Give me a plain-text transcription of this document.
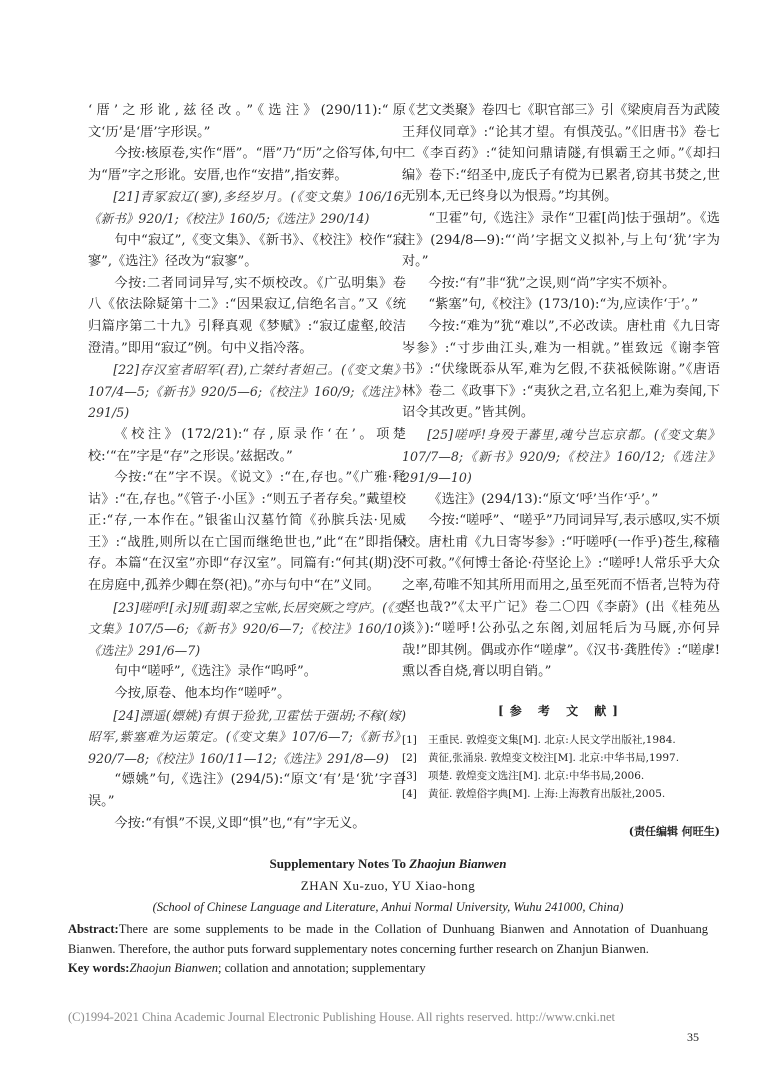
‘厝’之形讹,兹径改。”《选注》(290/11):“原文‘历’是‘厝’字形误。”

今按:核原卷,实作“厝”。“厝”乃“历”之俗写体,句中为“厝”字之形讹。安厝,也作“安措”,指安葬。

[21]青冢寂辽(寥),多经岁月。(《变文集》106/16;《新书》920/1;《校注》160/5;《选注》290/14)

句中“寂辽”,《变文集》、《新书》、《校注》校作“寂寥”,《选注》径改为“寂寥”。

今按:二者同词异写,实不烦校改。《广弘明集》卷八《依法除疑第十二》:“因果寂辽,信绝名言。”又《统归篇序第二十九》引释真观《梦赋》:“寂辽虚壑,皎洁澄清。”即用“寂辽”例。句中义指冷落。

[22]存汉室者昭军(君),亡桀纣者妲己。(《变文集》107/4—5;《新书》920/5—6;《校注》160/9;《选注》291/5)

《校注》(172/21):“存,原录作‘在’。项楚校:‘“在”字是“存”之形误。’兹据改。”

今按:“在”字不误。《说文》:“在,存也。”《广雅·释诂》:“在,存也。”《管子·小匡》:“则五子者存矣。”戴望校正:“存,一本作在。”银雀山汉墓竹简《孙膑兵法·见威王》:“战胜,则所以在亡国而继绝世也,”此“在”即指保存。本篇“在汉室”亦即“存汉室”。同篇有:“何其(期)没在房庭中,孤养少卿在祭(祀)。”亦与句中“在”义同。

[23]嗟呼![永]别[翡]翠之宝帐,长居突厥之穹庐。(《变文集》107/5—6;《新书》920/6—7;《校注》160/10;《选注》291/6—7)

句中“嗟呼”,《选注》录作“呜呼”。

今按,原卷、他本均作“嗟呼”。

[24]漂遥(嫖姚)有惧于猃犹,卫霍怯于强胡;不稼(嫁)昭军,紫塞难为运策定。(《变文集》107/6—7;《新书》920/7—8;《校注》160/11—12;《选注》291/8—9)

“嫖姚”句,《选注》(294/5):“原文‘有’是‘犹’字音误。”

今按:“有惧”不误,义即“惧”也,“有”字无义。

《艺文类聚》卷四七《职官部三》引《梁庾肩吾为武陵王拜仪同章》:“论其才望。有惧茂弘。”《旧唐书》卷七二《李百药》:“徒知问鼎请隧,有惧霸王之师。”《却扫编》卷下:“绍圣中,庞氏子有傥为已累者,窃其书焚之,世无别本,无已终身以为恨焉。”均其例。

“卫霍”句,《选注》录作“卫霍[尚]怯于强胡”。《选注》(294/8—9):“‘尚’字据文义拟补,与上句‘犹’字为对。”

今按:“有”非“犹”之误,则“尚”字实不烦补。

“紫塞”句,《校注》(173/10):“为,应读作‘于’。”

今按:“难为”犹“难以”,不必改读。唐杜甫《九日寄岑参》:“寸步曲江头,难为一相就。”崔致远《谢李管书》:“伏缘既忝从军,难为乞假,不获祗候陈谢。”《唐语林》卷二《政事下》:“夷狄之君,立名犯上,难为奏闻,下诏令其改更。”皆其例。

[25]嗟呼!身殁于蕃里,魂兮岂忘京都。(《变文集》107/7—8;《新书》920/9;《校注》160/12;《选注》291/9—10)

《选注》(294/13):“原文‘呼’当作‘乎’。”

今按:“嗟呼”、“嗟乎”乃同词异写,表示感叹,实不烦校。唐杜甫《九日寄岑参》:“吁嗟呼(一作乎)苍生,稼穑不可救。”《何博士备论·苻坚论上》:“嗟呼!人常乐乎大众之率,苟唯不知其所用而用之,虽至死而不悟者,岂特为苻坚也哉?”《太平广记》卷二〇四《李蔚》(出《桂苑丛谈》):“嗟呼!公孙弘之东阁,刘屈牦后为马厩,亦何异哉!”即其例。偶或亦作“嗟虖”。《汉书·龚胜传》:“嗟虖!熏以香自烧,膏以明自销。”

[参 考 文 献]
[1]	王重民. 敦煌变文集[M]. 北京:人民文学出版社,1984.
[2]	黄征,张涌泉. 敦煌变文校注[M]. 北京:中华书局,1997.
[3]	项楚. 敦煌变文选注[M]. 北京:中华书局,2006.
[4]	黄征. 敦煌俗字典[M]. 上海:上海教育出版社,2005.
(责任编辑 何旺生)
Supplementary Notes To Zhaojun Bianwen
ZHAN Xu-zuo, YU Xiao-hong
(School of Chinese Language and Literature, Anhui Normal University, Wuhu 241000, China)
Abstract:There are some supplements to be made in the Collation of Dunhuang Bianwen and Annotation of Duanhuang Bianwen. Therefore, the author puts forward supplementary notes concerning further research on Zhanjun Bianwen.
Key words:Zhaojun Bianwen; collation and annotation; supplementary
(C)1994-2021 China Academic Journal Electronic Publishing House. All rights reserved. http://www.cnki.net
35
